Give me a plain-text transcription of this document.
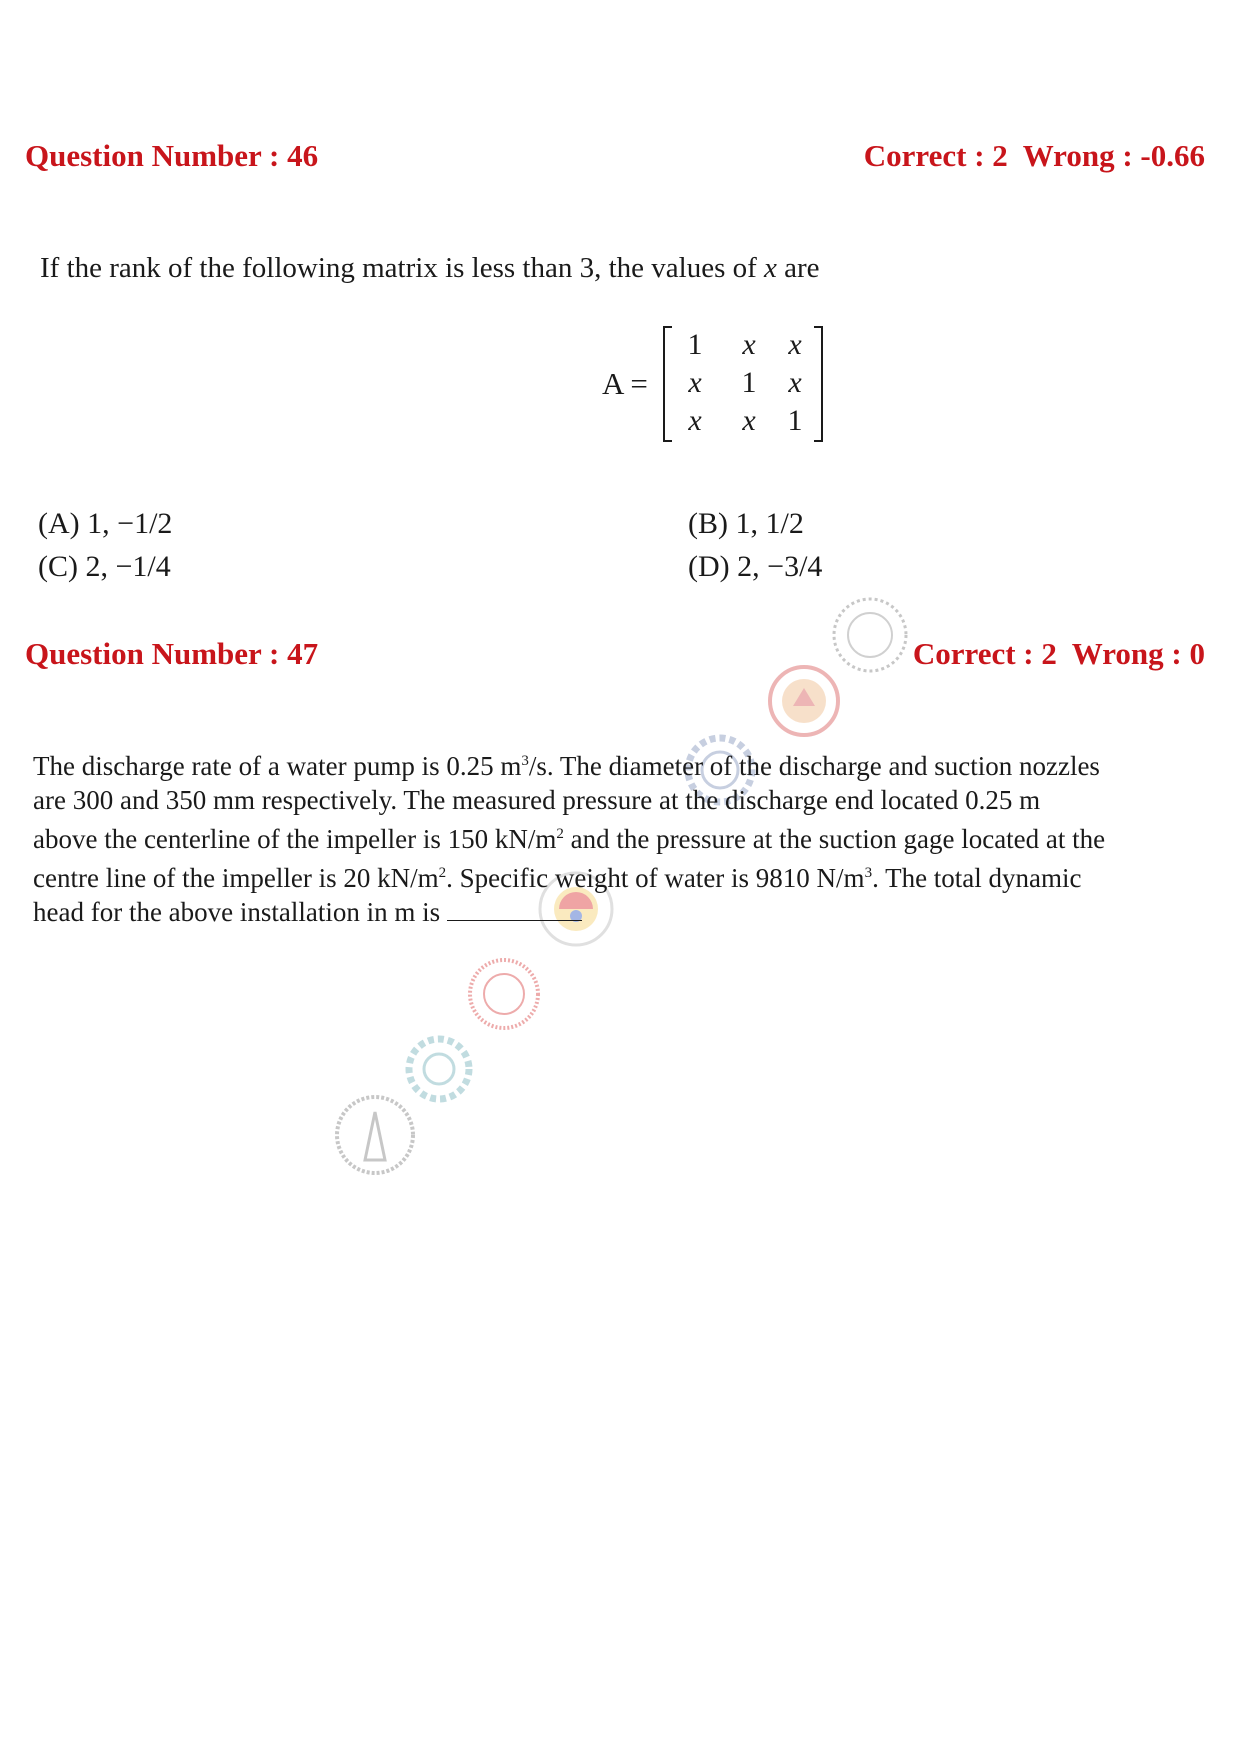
Question Number : 46	Correct : 2  Wrong : -0.66
If the rank of the following matrix is less than 3, the values of x are
A =
1	x	x
x	1	x
x	x	1
(A) 1, −1/2	(B) 1, 1/2
(C) 2, −1/4	(D) 2, −3/4
Question Number : 47	Correct : 2  Wrong : 0
The discharge rate of a water pump is 0.25 $m^3/s$. The diameter of the discharge and suction nozzles
are 300 and 350 mm respectively. The measured pressure at the discharge end located 0.25 m
above the centerline of the impeller is 150 $kN/m^2$ and the pressure at the suction gage located at the
centre line of the impeller is 20 $kN/m^2$. Specific weight of water is 9810 $N/m^3$. The total dynamic
head for the above installation in m is
